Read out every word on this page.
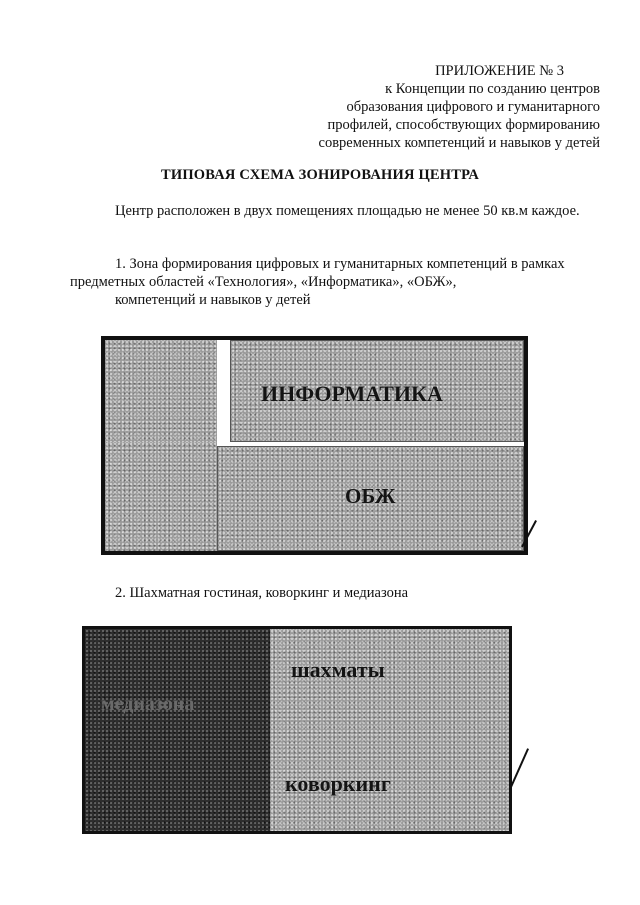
ПРИЛОЖЕНИЕ № 3
к Концепции по созданию центров
образования цифрового и гуманитарного
профилей, способствующих формированию
современных компетенций и навыков у детей
ТИПОВАЯ СХЕМА ЗОНИРОВАНИЯ ЦЕНТРА
Центр расположен в двух помещениях площадью не менее 50 кв.м каждое.
1. Зона формирования цифровых и гуманитарных компетенций в рамках предметных областей «Технология», «Информатика», «ОБЖ»,
компетенций и навыков у детей
ИНФОРМАТИКА
ОБЖ
2. Шахматная гостиная, коворкинг и медиазона
медиазона
шахматы
коворкинг
